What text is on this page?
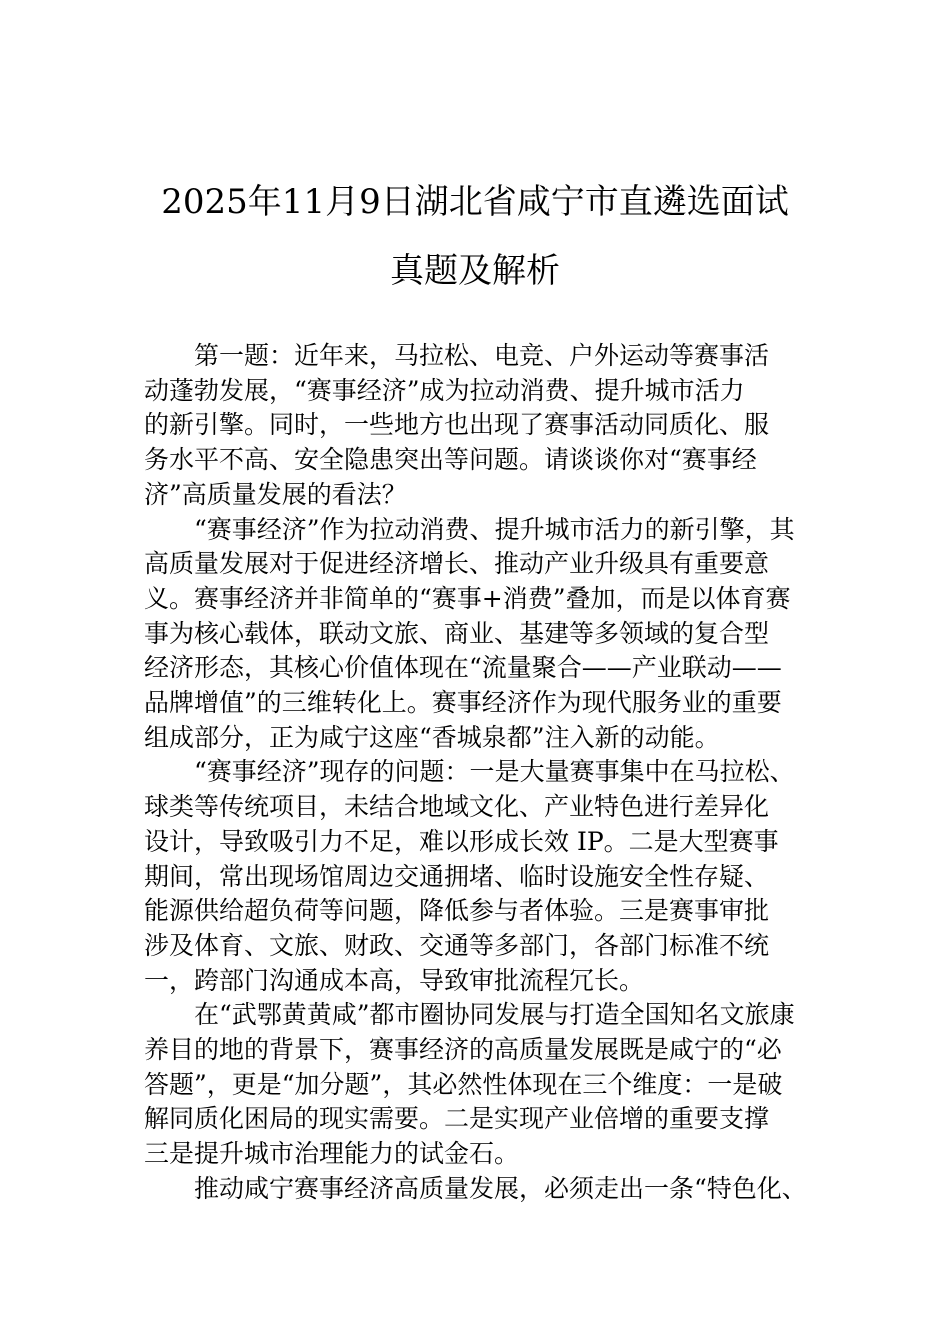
2025年11月9日湖北省咸宁市直遴选面试
真题及解析

第一题：近年来，马拉松、电竞、户外运动等赛事活
动蓬勃发展，“赛事经济”成为拉动消费、提升城市活力
的新引擎。同时，一些地方也出现了赛事活动同质化、服
务水平不高、安全隐患突出等问题。请谈谈你对“赛事经
济”高质量发展的看法？

“赛事经济”作为拉动消费、提升城市活力的新引擎，其
高质量发展对于促进经济增长、推动产业升级具有重要意
义。赛事经济并非简单的“赛事+消费”叠加，而是以体育赛
事为核心载体，联动文旅、商业、基建等多领域的复合型
经济形态，其核心价值体现在“流量聚合——产业联动——
品牌增值”的三维转化上。赛事经济作为现代服务业的重要
组成部分，正为咸宁这座“香城泉都”注入新的动能。

“赛事经济”现存的问题：一是大量赛事集中在马拉松、
球类等传统项目，未结合地域文化、产业特色进行差异化
设计，导致吸引力不足，难以形成长效 IP。二是大型赛事
期间，常出现场馆周边交通拥堵、临时设施安全性存疑、
能源供给超负荷等问题，降低参与者体验。三是赛事审批
涉及体育、文旅、财政、交通等多部门，各部门标准不统
一，跨部门沟通成本高，导致审批流程冗长。

在“武鄂黄黄咸”都市圈协同发展与打造全国知名文旅康
养目的地的背景下，赛事经济的高质量发展既是咸宁的“必
答题”，更是“加分题”，其必然性体现在三个维度：一是破
解同质化困局的现实需要。二是实现产业倍增的重要支撑
三是提升城市治理能力的试金石。

推动咸宁赛事经济高质量发展，必须走出一条“特色化、
